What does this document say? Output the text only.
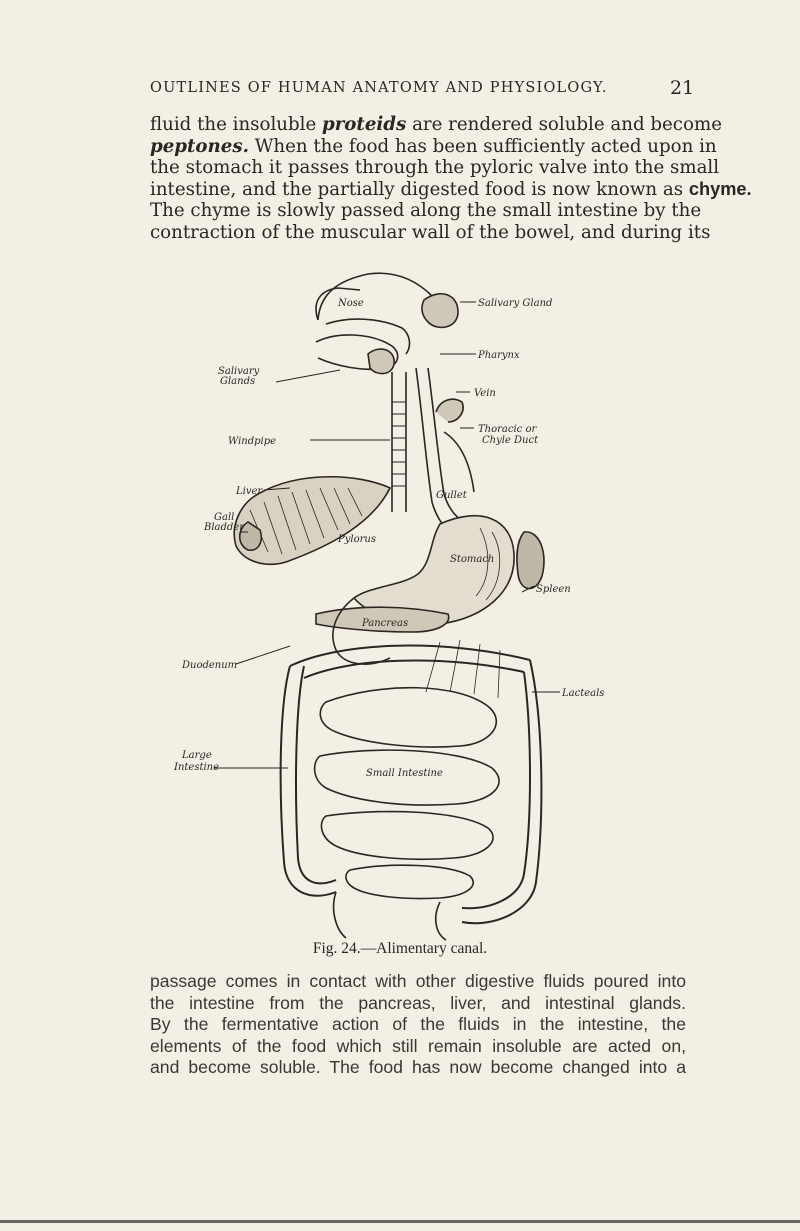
OUTLINES OF HUMAN ANATOMY AND PHYSIOLOGY.	21
fluid the insoluble proteids are rendered soluble and become
peptones. When the food has been sufficiently acted upon in
the stomach it passes through the pyloric valve into the small
intestine, and the partially digested food is now known as chyme.
The chyme is slowly passed along the small intestine by the
contraction of the muscular wall of the bowel, and during its
Nose	Salivary Gland
Salivary
Glands
Pharynx
Vein
Windpipe
Thoracic or
Chyle Duct
Liver	Gullet
Gall
Bladder
Pylorus
Stomach
Spleen
Pancreas
Duodenum
Lacteals
Large
Intestine
Small Intestine
Fig. 24.—Alimentary canal.
passage comes in contact with other digestive fluids poured into
the intestine from the pancreas, liver, and intestinal glands.
By the fermentative action of the fluids in the intestine, the
elements of the food which still remain insoluble are acted on,
and become soluble. The food has now become changed into a
